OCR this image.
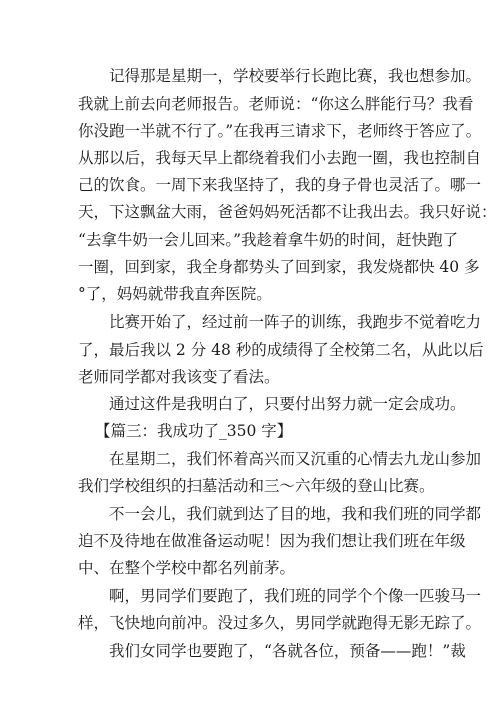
记得那是星期一，学校要举行长跑比赛，我也想参加。
我就上前去向老师报告。老师说：“你这么胖能行马？我看
你没跑一半就不行了。”在我再三请求下，老师终于答应了。
从那以后，我每天早上都绕着我们小去跑一圈，我也控制自
己的饮食。一周下来我坚持了，我的身子骨也灵活了。哪一
天，下这飘盆大雨，爸爸妈妈死活都不让我出去。我只好说：
“去拿牛奶一会儿回来。”我趁着拿牛奶的时间，赶快跑了
一圈，回到家，我全身都势头了回到家，我发烧都快 40 多
°了，妈妈就带我直奔医院。
比赛开始了，经过前一阵子的训练，我跑步不觉着吃力
了，最后我以 2 分 48 秒的成绩得了全校第二名，从此以后
老师同学都对我该变了看法。
通过这件是我明白了，只要付出努力就一定会成功。
【篇三：我成功了_350 字】
在星期二，我们怀着高兴而又沉重的心情去九龙山参加
我们学校组织的扫墓活动和三～六年级的登山比赛。
不一会儿，我们就到达了目的地，我和我们班的同学都
迫不及待地在做准备运动呢！因为我们想让我们班在年级
中、在整个学校中都名列前茅。
啊，男同学们要跑了，我们班的同学个个像一匹骏马一
样，飞快地向前冲。没过多久，男同学就跑得无影无踪了。
我们女同学也要跑了，“各就各位，预备——跑！”裁
